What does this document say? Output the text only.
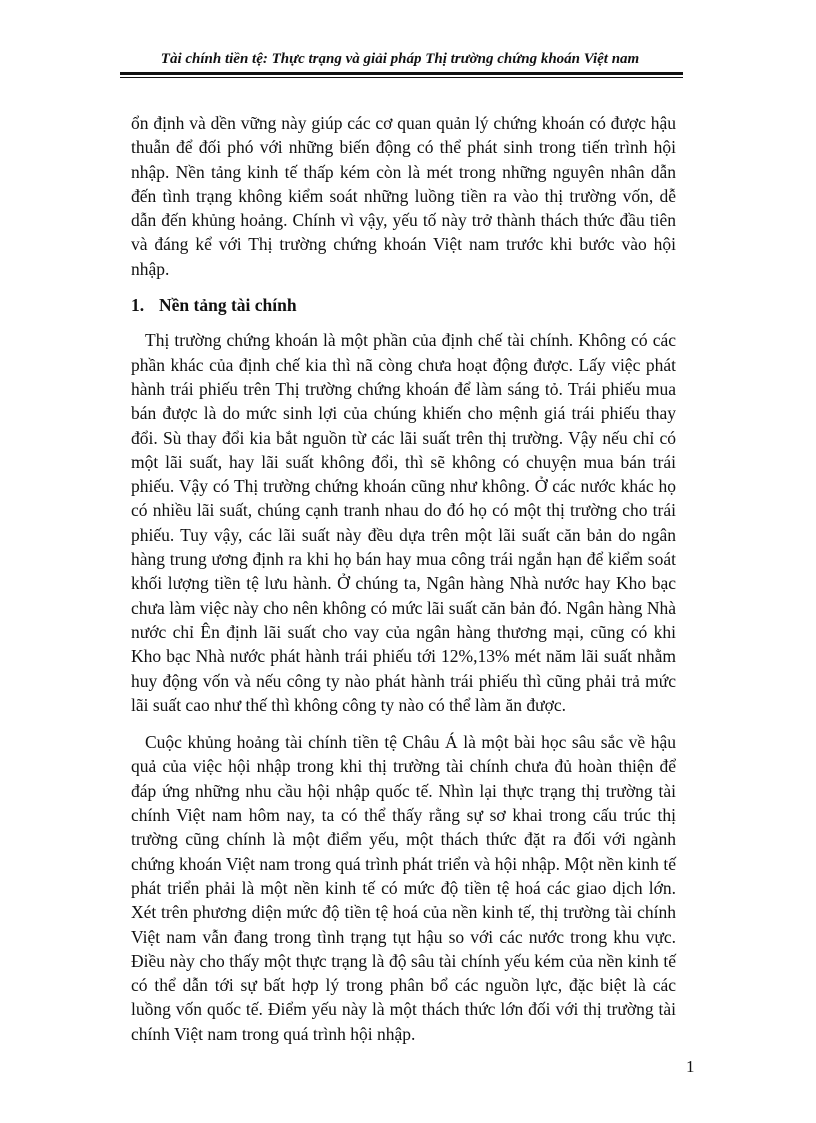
Tài chính tiền tệ: Thực trạng và giải pháp Thị trường chứng khoán Việt nam

ổn định và dền vững này giúp các cơ quan quản lý chứng khoán có được hậu thuẫn để đối phó với những biến động có thể phát sinh trong tiến trình hội nhập. Nền tảng kinh tế thấp kém còn là mét trong những nguyên nhân dẫn đến tình trạng không kiểm soát những luồng tiền ra vào thị trường vốn, dễ dẫn đến khủng hoảng. Chính vì vậy, yếu tố này trở thành thách thức đầu tiên và đáng kể với Thị trường chứng khoán Việt nam trước khi bước vào hội nhập.

1. Nền tảng tài chính

Thị trường chứng khoán là một phần của định chế tài chính. Không có các phần khác của định chế kia thì nã còng chưa hoạt động được. Lấy việc phát hành trái phiếu trên Thị trường chứng khoán để làm sáng tỏ. Trái phiếu mua bán được là do mức sinh lợi của chúng khiến cho mệnh giá trái phiếu thay đổi. Sù thay đổi kia bắt nguồn từ các lãi suất trên thị trường. Vậy nếu chỉ có một lãi suất, hay lãi suất không đổi, thì sẽ không có chuyện mua bán trái phiếu. Vậy có Thị trường chứng khoán cũng như không. Ở các nước khác họ có nhiều lãi suất, chúng cạnh tranh nhau do đó họ có một thị trường cho trái phiếu. Tuy vậy, các lãi suất này đều dựa trên một lãi suất căn bản do ngân hàng trung ương định ra khi họ bán hay mua công trái ngắn hạn để kiểm soát khối lượng tiền tệ lưu hành. Ở chúng ta, Ngân hàng Nhà nước hay Kho bạc chưa làm việc này cho nên không có mức lãi suất căn bản đó. Ngân hàng Nhà nước chỉ Ên định lãi suất cho vay của ngân hàng thương mại, cũng có khi Kho bạc Nhà nước phát hành trái phiếu tới 12%,13% mét năm lãi suất nhằm huy động vốn và nếu công ty nào phát hành trái phiếu thì cũng phải trả mức lãi suất cao như thế thì không công ty nào có thể làm ăn được.

Cuộc khủng hoảng tài chính tiền tệ Châu Á là một bài học sâu sắc về hậu quả của việc hội nhập trong khi thị trường tài chính chưa đủ hoàn thiện để đáp ứng những nhu cầu hội nhập quốc tế. Nhìn lại thực trạng thị trường tài chính Việt nam hôm nay, ta có thể thấy rằng sự sơ khai trong cấu trúc thị trường cũng chính là một điểm yếu, một thách thức đặt ra đối với ngành chứng khoán Việt nam trong quá trình phát triển và hội nhập. Một nền kinh tế phát triển phải là một nền kinh tế có mức độ tiền tệ hoá các giao dịch lớn. Xét trên phương diện mức độ tiền tệ hoá của nền kinh tế, thị trường tài chính Việt nam vẫn đang trong tình trạng tụt hậu so với các nước trong khu vực. Điều này cho thấy một thực trạng là độ sâu tài chính yếu kém của nền kinh tế có thể dẫn tới sự bất hợp lý trong phân bổ các nguồn lực, đặc biệt là các luồng vốn quốc tế. Điểm yếu này là một thách thức lớn đối với thị trường tài chính Việt nam trong quá trình hội nhập.

1
